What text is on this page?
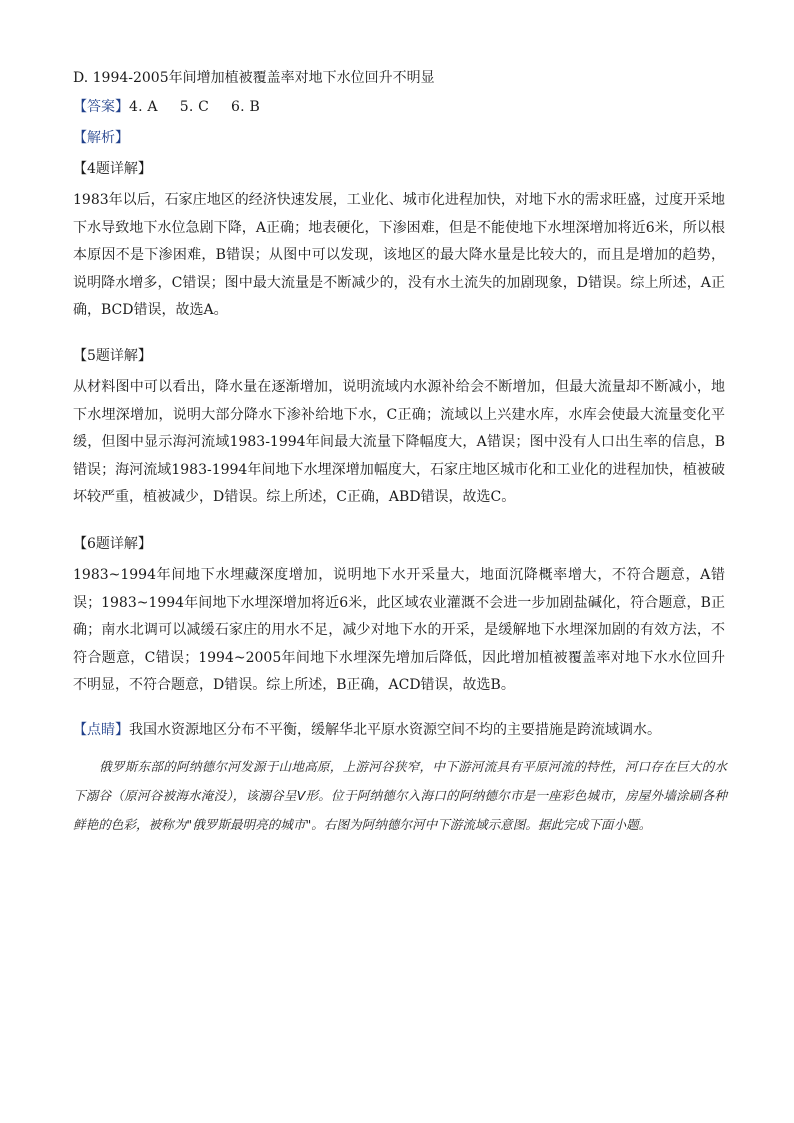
D. 1994-2005年间增加植被覆盖率对地下水位回升不明显
【答案】4. A 5. C 6. B
【解析】
【4题详解】
1983年以后，石家庄地区的经济快速发展，工业化、城市化进程加快，对地下水的需求旺盛，过度开采地下水导致地下水位急剧下降，A正确；地表硬化，下渗困难，但是不能使地下水埋深增加将近6米，所以根本原因不是下渗困难，B错误；从图中可以发现，该地区的最大降水量是比较大的，而且是增加的趋势，说明降水增多，C错误；图中最大流量是不断减少的，没有水土流失的加剧现象，D错误。综上所述，A正确，BCD错误，故选A。
【5题详解】
从材料图中可以看出，降水量在逐渐增加，说明流域内水源补给会不断增加，但最大流量却不断减小，地下水埋深增加，说明大部分降水下渗补给地下水，C正确；流域以上兴建水库，水库会使最大流量变化平缓，但图中显示海河流域1983-1994年间最大流量下降幅度大，A错误；图中没有人口出生率的信息，B错误；海河流域1983-1994年间地下水埋深增加幅度大，石家庄地区城市化和工业化的进程加快，植被破坏较严重，植被减少，D错误。综上所述，C正确，ABD错误，故选C。
【6题详解】
1983~1994年间地下水埋藏深度增加，说明地下水开采量大，地面沉降概率增大，不符合题意，A错误；1983~1994年间地下水埋深增加将近6米，此区域农业灌溉不会进一步加剧盐碱化，符合题意，B正确；南水北调可以减缓石家庄的用水不足，减少对地下水的开采，是缓解地下水埋深加剧的有效方法，不符合题意，C错误；1994~2005年间地下水埋深先增加后降低，因此增加植被覆盖率对地下水水位回升不明显，不符合题意，D错误。综上所述，B正确，ACD错误，故选B。
【点睛】我国水资源地区分布不平衡，缓解华北平原水资源空间不均的主要措施是跨流域调水。
俄罗斯东部的阿纳德尔河发源于山地高原，上游河谷狭窄，中下游河流具有平原河流的特性，河口存在巨大的水下溺谷（原河谷被海水淹没），该溺谷呈V形。位于阿纳德尔入海口的阿纳德尔市是一座彩色城市，房屋外墙涂刷各种鲜艳的色彩，被称为"俄罗斯最明亮的城市"。右图为阿纳德尔河中下游流域示意图。据此完成下面小题。
